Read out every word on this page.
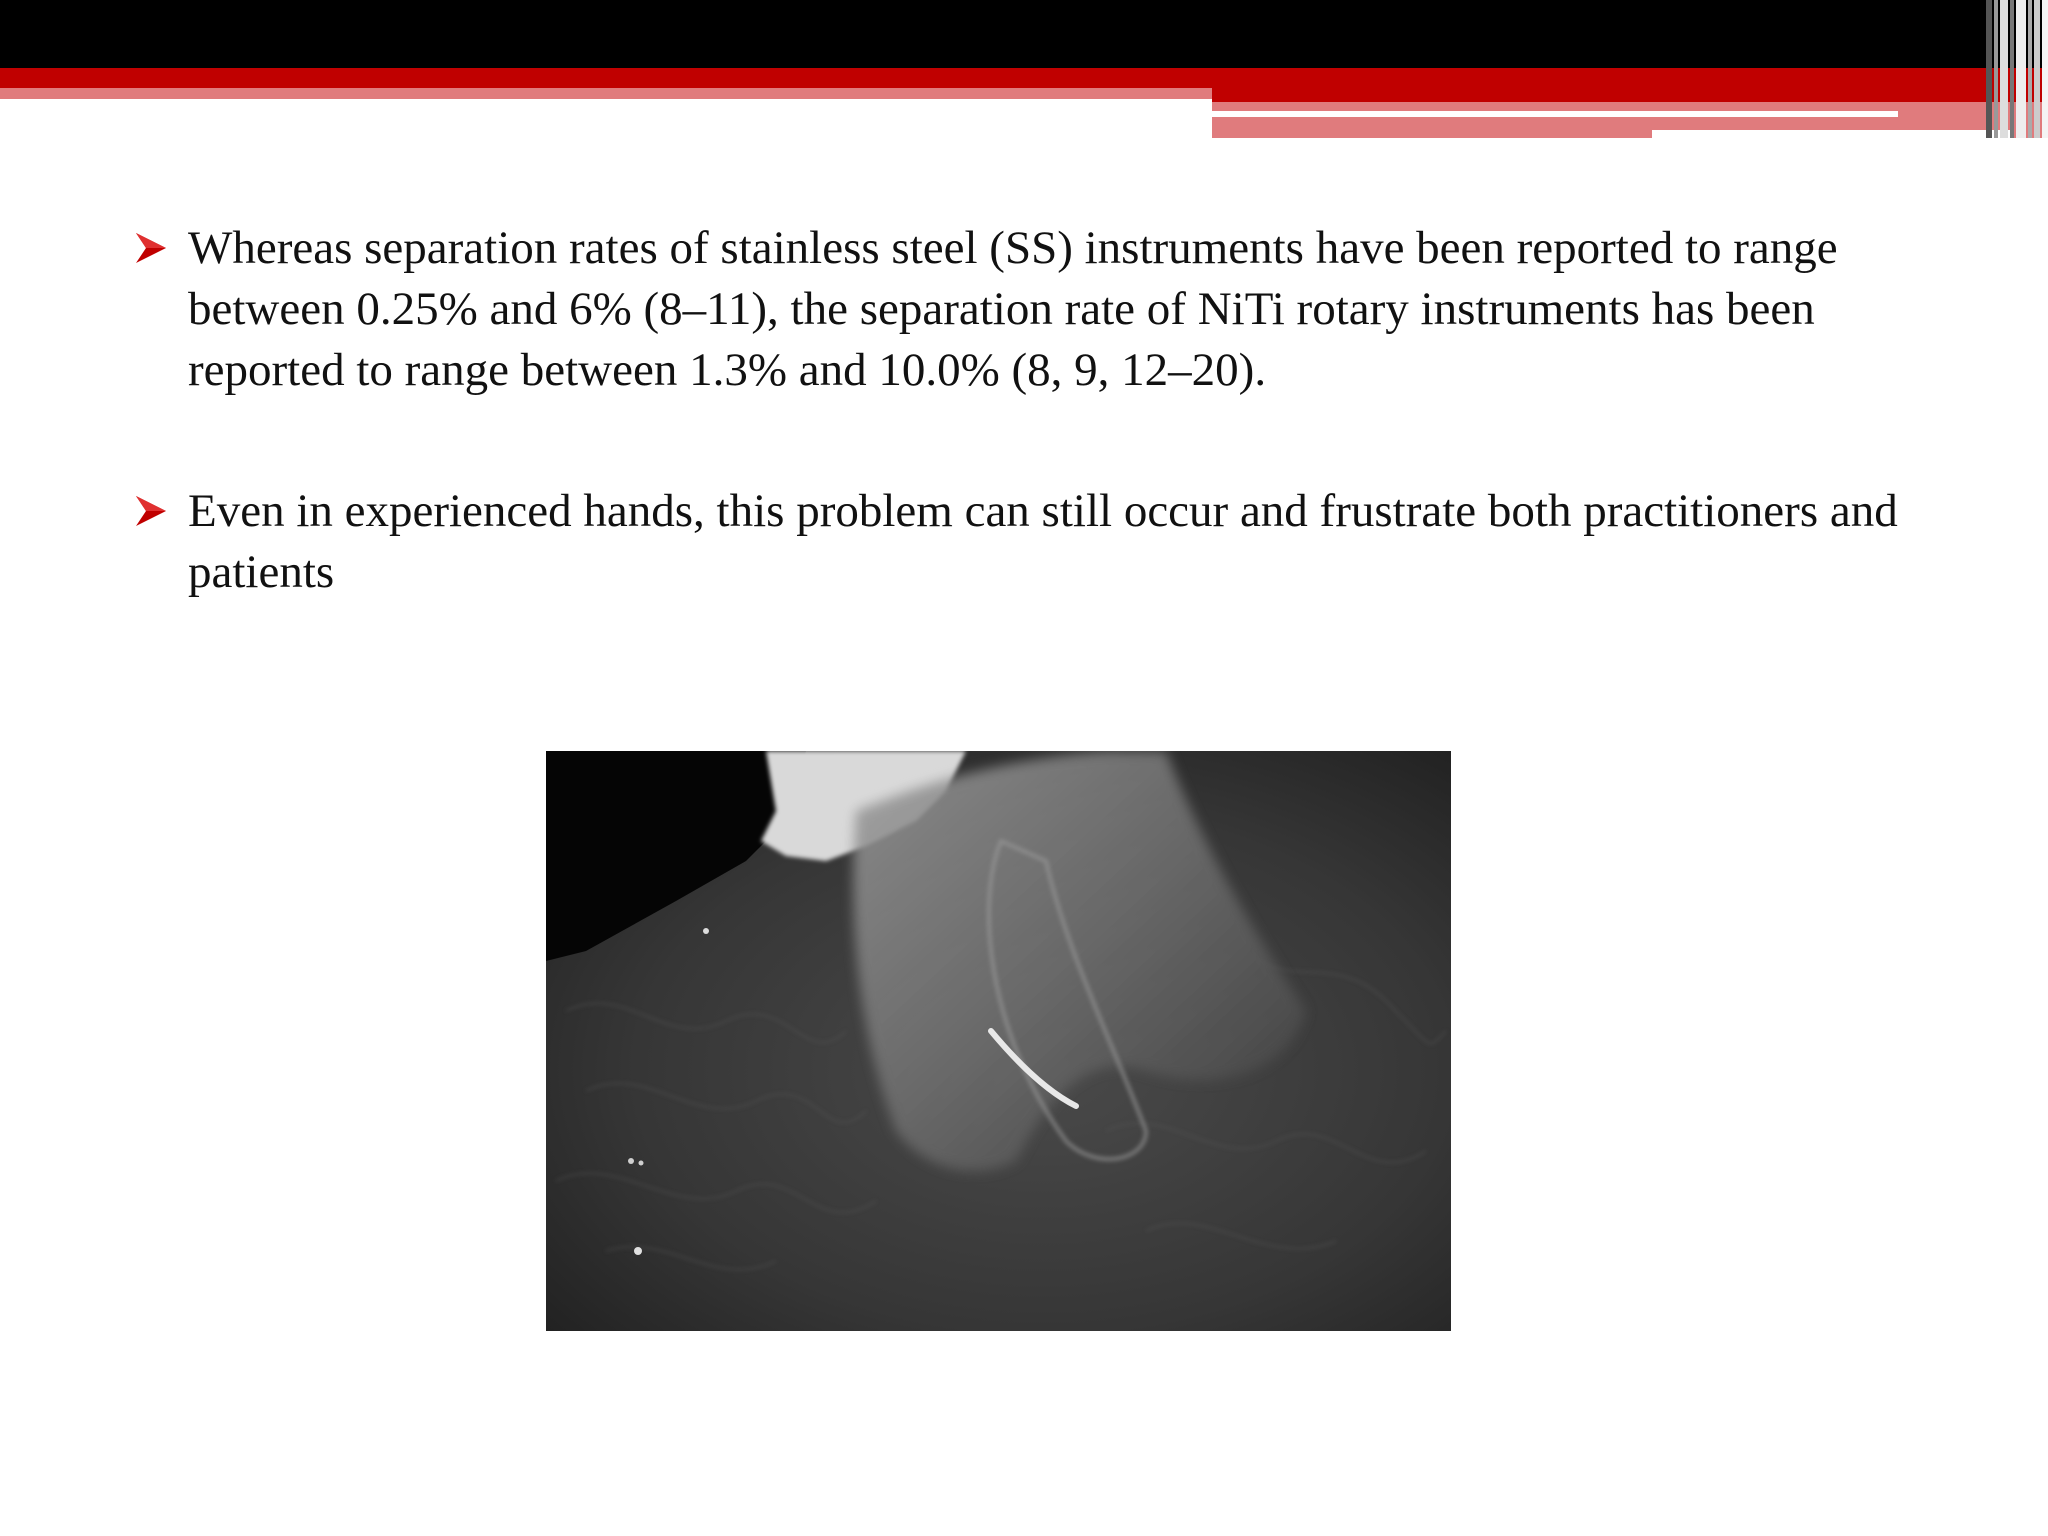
Whereas separation rates of stainless steel (SS) instruments have been reported to range between 0.25% and 6% (8–11), the separation rate of NiTi rotary instruments has been reported to range between 1.3% and 10.0% (8, 9, 12–20).
Even in experienced hands, this problem can still occur and frustrate both practitioners and patients
